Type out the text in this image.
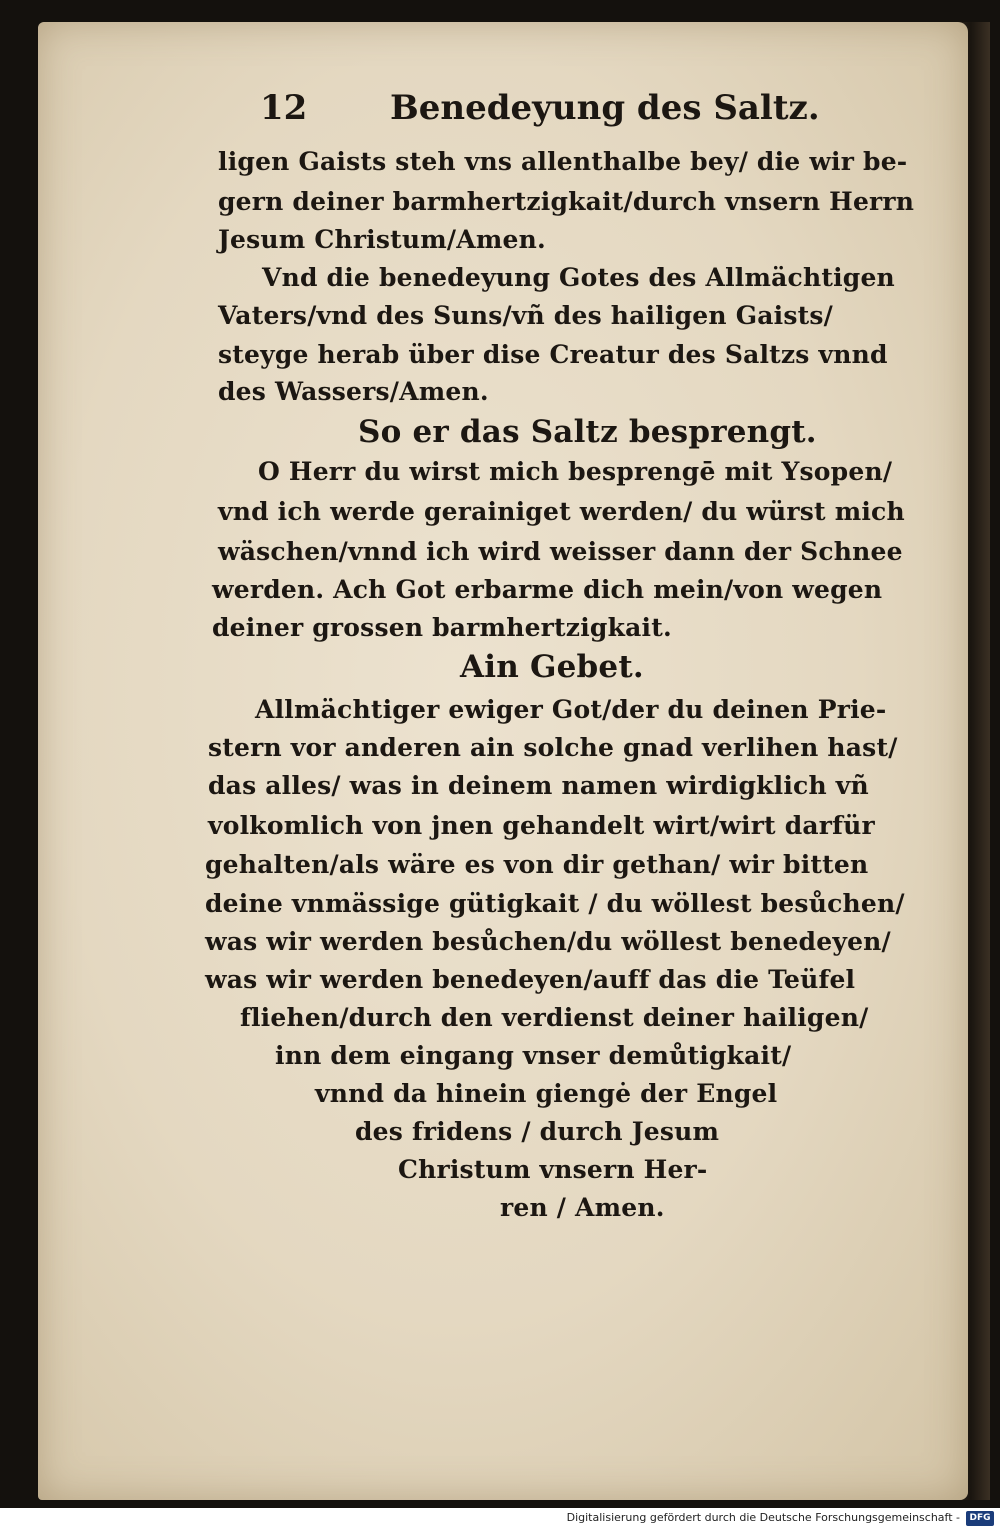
12 Benedeyung des Saltz.
ligen Gaists steh vns allenthalbe bey/ die wir be-
gern deiner barmhertzigkait/durch vnsern Herrn
Jesum Christum/Amen.
Vnd die benedeyung Gotes des Allmächtigen
Vaters/vnd des Suns/vñ des hailigen Gaists/
steyge herab über dise Creatur des Saltzs vnnd
des Wassers/Amen.
So er das Saltz besprengt.
O Herr du wirst mich besprengē mit Ysopen/
vnd ich werde gerainiget werden/ du würst mich
wäschen/vnnd ich wird weisser dann der Schnee
werden. Ach Got erbarme dich mein/von wegen
deiner grossen barmhertzigkait.
Ain Gebet.
Allmächtiger ewiger Got/der du deinen Prie-
stern vor anderen ain solche gnad verlihen hast/
das alles/ was in deinem namen wirdigklich vñ
volkomlich von jnen gehandelt wirt/wirt darfür
gehalten/als wäre es von dir gethan/ wir bitten
deine vnmässige gütigkait / du wöllest besůchen/
was wir werden besůchen/du wöllest benedeyen/
was wir werden benedeyen/auff das die Teüfel
fliehen/durch den verdienst deiner hailigen/
inn dem eingang vnser demůtigkait/
vnnd da hinein giengė der Engel
des fridens / durch Jesum
Christum vnsern Her-
ren / Amen.
Digitalisierung gefördert durch die Deutsche Forschungsgemeinschaft -	DFG
